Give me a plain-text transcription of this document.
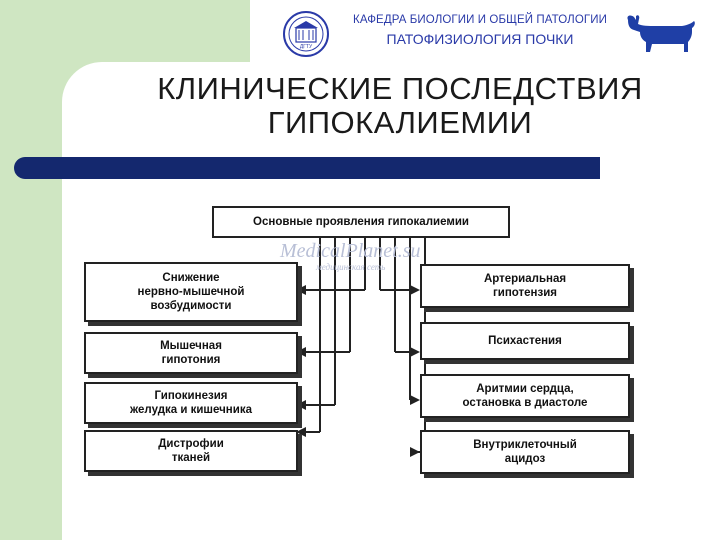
ДГТУ
КАФЕДРА БИОЛОГИИ И ОБЩЕЙ ПАТОЛОГИИ
ПАТОФИЗИОЛОГИЯ ПОЧКИ
КЛИНИЧЕСКИЕ ПОСЛЕДСТВИЯ
ГИПОКАЛИЕМИИ
MedicalPlanet.su
медицинская сеть
Основные проявления гипокалиемии
Снижение
нервно-мышечной
возбудимости
Мышечная
гипотония
Гипокинезия
желудка и кишечника
Дистрофии
тканей
Артериальная
гипотензия
Психастения
Аритмии сердца,
остановка в диастоле
Внутриклеточный
ацидоз
